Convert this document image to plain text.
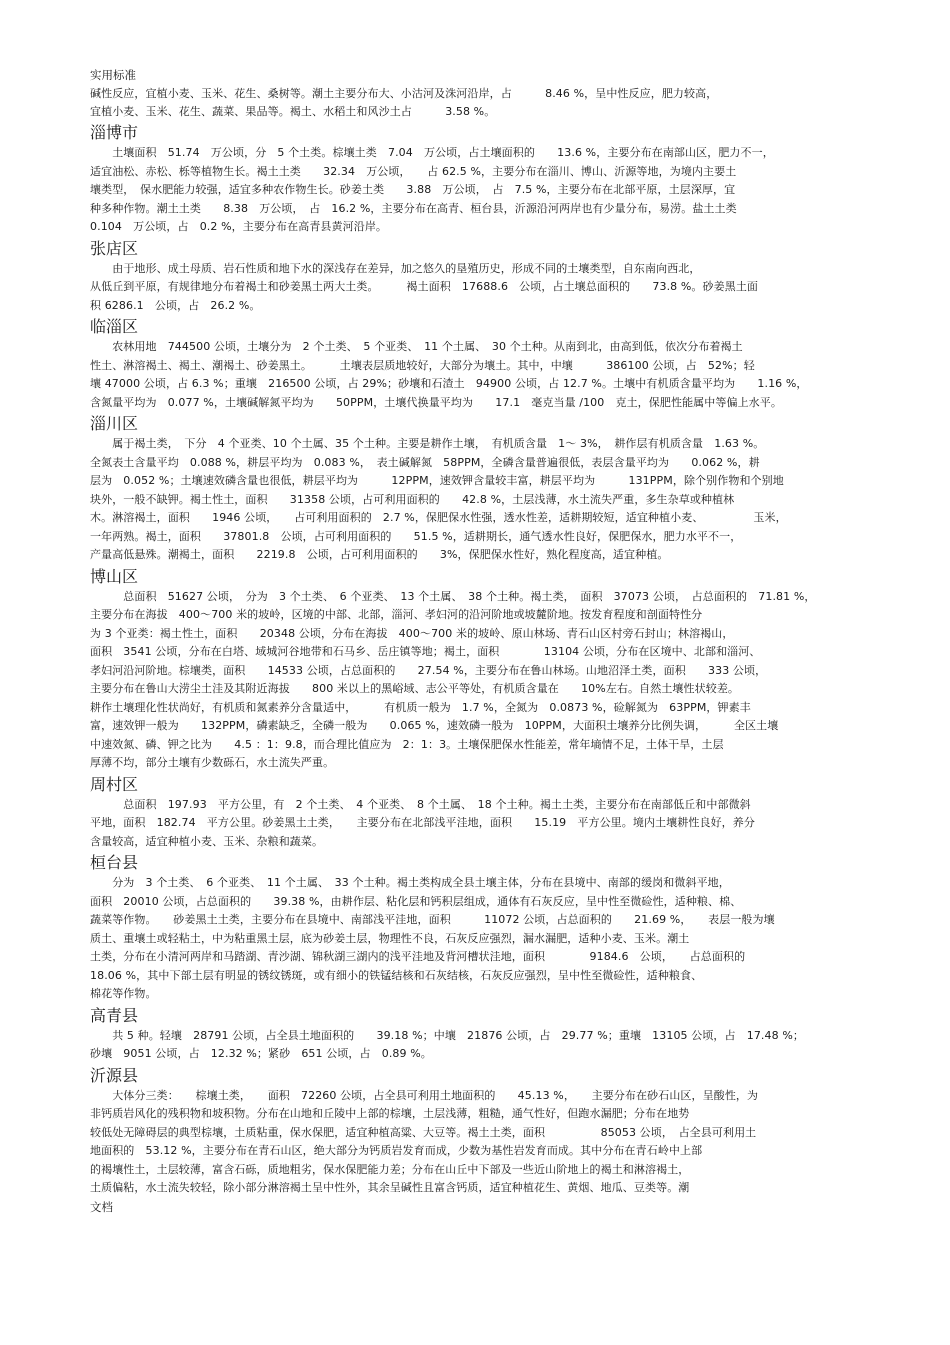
实用标准

碱性反应，宜植小麦、玉米、花生、桑树等。潮土主要分布大、小沽河及洙河沿岸，占　　　8.46 %，呈中性反应，肥力较高，

宜植小麦、玉米、花生、蔬菜、果品等。褐土、水稻土和风沙土占　　　3.58 %。

淄博市

　　土壤面积　51.74　万公顷，分　5 个土类。棕壤土类　7.04　万公顷，占土壤面积的　　13.6 %，主要分布在南部山区，肥力不一，

适宜油松、赤松、栎等植物生长。褐土土类　　32.34　万公顷，　　占 62.5 %，主要分布在淄川、博山、沂源等地，为境内主要土

壤类型，　保水肥能力较强，适宜多种农作物生长。砂姜土类　　3.88　万公顷，　占　7.5 %，主要分布在北部平原，土层深厚，宜

种多种作物。潮土土类　　8.38　万公顷，　占　16.2 %，主要分布在高青、桓台县，沂源沿河两岸也有少量分布，易涝。盐土土类

0.104　万公顷，占　0.2 %，主要分布在高青县黄河沿岸。

张店区

　　由于地形、成土母质、岩石性质和地下水的深浅存在差异，加之悠久的垦殖历史，形成不同的土壤类型，自东南向西北，

从低丘到平原，有规律地分布着褐土和砂姜黑土两大土类。　　　褐土面积　17688.6　公顷，占土壤总面积的　　73.8 %。砂姜黑土面

积 6286.1　公顷，占　26.2 %。

临淄区

　　农林用地　744500 公顷，土壤分为　2 个土类、　5 个亚类、　11 个土属、　30 个土种。从南到北，由高到低，依次分布着褐土

性土、淋溶褐土、褐土、潮褐土、砂姜黑土。　　　土壤表层质地较好，大部分为壤土。其中，中壤　　　386100 公顷，占　52%；轻

壤 47000 公顷，占 6.3 %；重壤　216500 公顷，占 29%；砂壤和石渣土　94900 公顷，占 12.7 %。土壤中有机质含量平均为　　1.16 %，

含氮量平均为　0.077 %，土壤碱解氮平均为　　50PPM，土壤代换量平均为　　17.1　毫克当量 /100　克土，保肥性能属中等偏上水平。

淄川区

　　属于褐土类，　下分　4 个亚类、10 个土属、35 个土种。主要是耕作土壤，　有机质含量　1～ 3%，　耕作层有机质含量　1.63 %。

全氮表土含量平均　0.088 %，耕层平均为　0.083 %，　表土碱解氮　58PPM，全磷含量普遍很低，表层含量平均为　　0.062 %，耕

层为　0.052 %；土壤速效磷含量也很低，耕层平均为　　　12PPM，速效钾含量较丰富，耕层平均为　　　131PPM，除个别作物和个别地

块外，一般不缺钾。褐土性土，面积　　31358 公顷，占可利用面积的　　42.8 %，土层浅薄，水土流失严重，多生杂草或种植林

木。淋溶褐土，面积　　1946 公顷，　　占可利用面积的　2.7 %，保肥保水性强，透水性差，适耕期较短，适宜种植小麦、　　　　　玉米，

一年两熟。褐土，面积　　37801.8　公顷，占可利用面积的　　51.5 %，适耕期长，通气透水性良好，保肥保水，肥力水平不一，

产量高低悬殊。潮褐土，面积　　2219.8　公顷，占可利用面积的　　3%，保肥保水性好，熟化程度高，适宜种植。

博山区

　　　总面积　51627 公顷，　分为　3 个土类、　6 个亚类、　13 个土属、　38 个土种。褐土类，　面积　37073 公顷，　占总面积的　71.81 %，

主要分布在海拔　400～700 米的坡岭，区境的中部、北部，淄河、孝妇河的沿河阶地或坡麓阶地。按发育程度和剖面特性分

为 3 个亚类：褐土性土，面积　　20348 公顷，分布在海拔　400～700 米的坡岭、原山林场、青石山区村旁石封山；林溶褐山，

面积　3541 公顷，分布在白塔、域城河谷地带和石马乡、岳庄镇等地；褐土，面积　　　　13104 公顷，分布在区境中、北部和淄河、

孝妇河沿河阶地。棕壤类，面积　　14533 公顷，占总面积的　　27.54 %，主要分布在鲁山林场。山地沼泽土类，面积　　333 公顷，

主要分布在鲁山大涝尘土洼及其附近海拔　　800 米以上的黑峪域、志公平等处，有机质含量在　　10%左右。自然土壤性状较差。

耕作土壤理化性状尚好，有机质和氮素养分含量适中，　　　有机质一般为　1.7 %，全氮为　0.0873 %，硷解氮为　63PPM，钾素丰

富，速效钾一般为　　132PPM，磷素缺乏，全磷一般为　　0.065 %，速效磷一般为　10PPM，大面积土壤养分比例失调，　　　全区土壤

中速效氮、磷、钾之比为　　4.5 ：1：9.8，而合理比值应为　2：1：3。土壤保肥保水性能差，常年墒情不足，土体干旱，土层

厚薄不均，部分土壤有少数砾石，水土流失严重。

周村区

　　　总面积　197.93　平方公里，有　2 个土类、　4 个亚类、　8 个土属、　18 个土种。褐土土类，主要分布在南部低丘和中部微斜

平地，面积　182.74　平方公里。砂姜黑土土类，　　主要分布在北部浅平洼地，面积　　15.19　平方公里。境内土壤耕性良好，养分

含量较高，适宜种植小麦、玉米、杂粮和蔬菜。

桓台县

　　分为　3 个土类、　6 个亚类、　11 个土属、　33 个土种。褐土类构成全县土壤主体，分布在县境中、南部的缓岗和微斜平地，

面积　20010 公顷，占总面积的　　39.38 %，由耕作层、粘化层和钙积层组成，通体有石灰反应，呈中性至微硷性，适种粮、棉、

蔬菜等作物。　　砂姜黑土土类，主要分布在县境中、南部浅平洼地，面积　　　11072 公顷，占总面积的　　21.69 %，　　表层一般为壤

质土、重壤土或轻粘土，中为粘重黑土层，底为砂姜土层，物理性不良，石灰反应强烈，漏水漏肥，适种小麦、玉米。潮土

土类，分布在小清河两岸和马踏湖、青沙湖、锦秋湖三湖内的浅平洼地及背河槽状洼地，面积　　　　9184.6　公顷，　　占总面积的

18.06 %，其中下部土层有明显的锈纹锈斑，或有细小的铁锰结核和石灰结核，石灰反应强烈，呈中性至微硷性，适种粮食、

棉花等作物。

高青县

　　共 5 种。轻壤　28791 公顷，占全县土地面积的　　39.18 %；中壤　21876 公顷，占　29.77 %；重壤　13105 公顷，占　17.48 %；

砂壤　9051 公顷，占　12.32 %；紧砂　651 公顷，占　0.89 %。

沂源县

　　大体分三类：　　棕壤土类，　　面积　72260 公顷，占全县可利用土地面积的　　45.13 %，　　主要分布在砂石山区，呈酸性，为

非钙质岩风化的残积物和坡积物。分布在山地和丘陵中上部的棕壤，土层浅薄，粗糙，通气性好，但跑水漏肥；分布在地势

较低处无障碍层的典型棕壤，土质粘重，保水保肥，适宜种植高粱、大豆等。褐土土类，面积　　　　　85053 公顷，　占全县可利用土

地面积的　53.12 %，主要分布在青石山区，绝大部分为钙质岩发育而成，少数为基性岩发育而成。其中分布在青石岭中上部

的褐壤性土，土层较薄，富含石砾，质地粗劣，保水保肥能力差；分布在山丘中下部及一些近山阶地上的褐土和淋溶褐土，

土质偏粘，水土流失较轻，除小部分淋溶褐土呈中性外，其余呈碱性且富含钙质，适宜种植花生、黄烟、地瓜、豆类等。潮

文档
